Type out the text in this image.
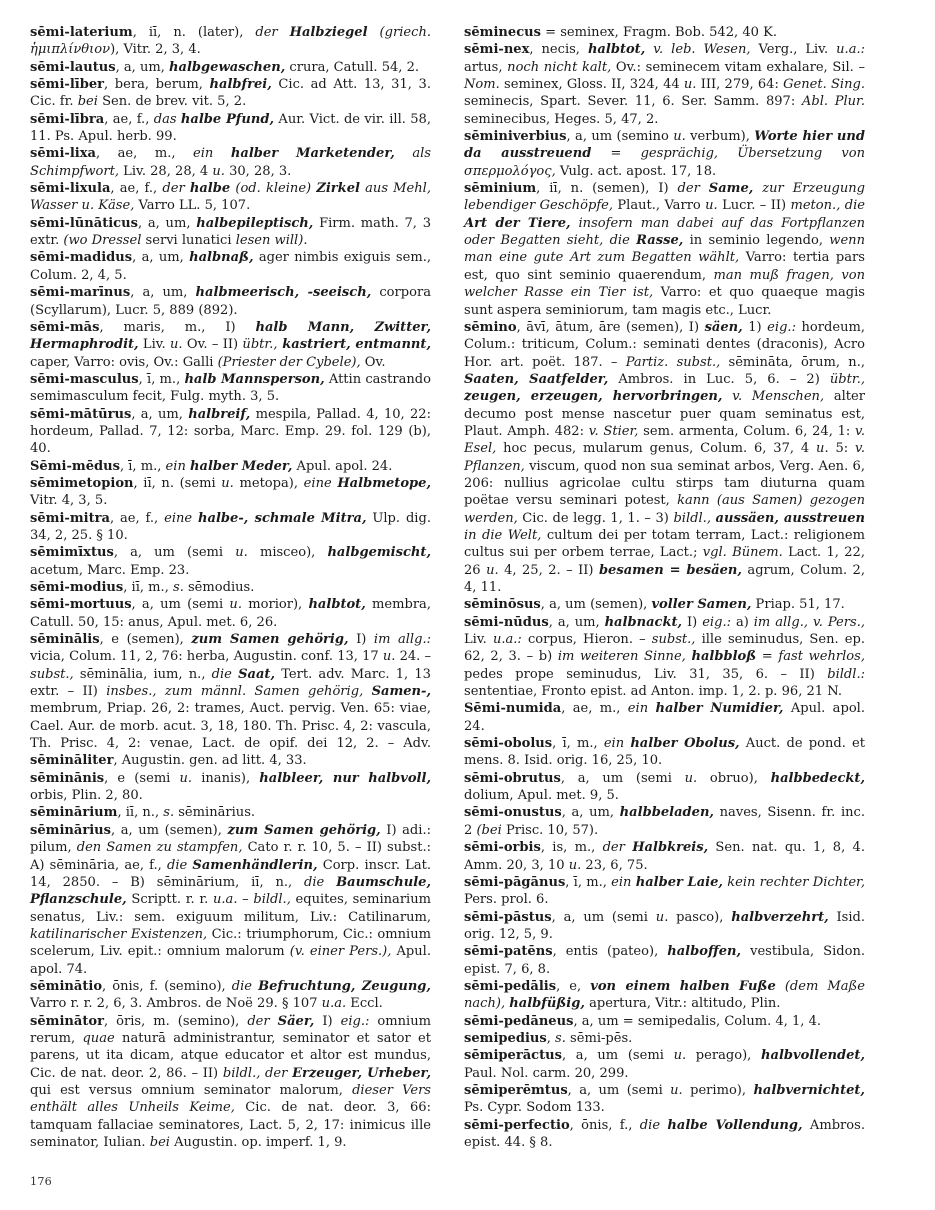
sēmi-laterium, iī, n. (later), der Halbziegel (griech. ἡμιπλίνθιον), Vitr. 2, 3, 4.

sēmi-lautus, a, um, halbgewaschen, crura, Catull. 54, 2.

sēmi-līber, bera, berum, halbfrei, Cic. ad Att. 13, 31, 3. Cic. fr. bei Sen. de brev. vit. 5, 2.

sēmi-lībra, ae, f., das halbe Pfund, Aur. Vict. de vir. ill. 58, 11. Ps. Apul. herb. 99.

sēmi-lixa, ae, m., ein halber Marketender, als Schimpfwort, Liv. 28, 28, 4 u. 30, 28, 3.

sēmi-lixula, ae, f., der halbe (od. kleine) Zirkel aus Mehl, Wasser u. Käse, Varro LL. 5, 107.

sēmi-lūnāticus, a, um, halbepileptisch, Firm. math. 7, 3 extr. (wo Dressel servi lunatici lesen will).

sēmi-madidus, a, um, halbnaß, ager nimbis exiguis sem., Colum. 2, 4, 5.

sēmi-marīnus, a, um, halbmeerisch, -seeisch, corpora (Scyllarum), Lucr. 5, 889 (892).

sēmi-mās, maris, m., I) halb Mann, Zwitter, Hermaphrodit, Liv. u. Ov. – II) übtr., kastriert, entmannt, caper, Varro: ovis, Ov.: Galli (Priester der Cybele), Ov.

sēmi-masculus, ī, m., halb Mannsperson, Attin castrando semimasculum fecit, Fulg. myth. 3, 5.

sēmi-mātūrus, a, um, halbreif, mespila, Pallad. 4, 10, 22: hordeum, Pallad. 7, 12: sorba, Marc. Emp. 29. fol. 129 (b), 40.

Sēmi-mēdus, ī, m., ein halber Meder, Apul. apol. 24.

sēmimetopion, iī, n. (semi u. metopa), eine Halbmetope, Vitr. 4, 3, 5.

sēmi-mitra, ae, f., eine halbe-, schmale Mitra, Ulp. dig. 34, 2, 25. § 10.

sēmimīxtus, a, um (semi u. misceo), halbgemischt, acetum, Marc. Emp. 23.

sēmi-modius, iī, m., s. sēmodius.

sēmi-mortuus, a, um (semi u. morior), halbtot, membra, Catull. 50, 15: anus, Apul. met. 6, 26.

sēminālis, e (semen), zum Samen gehörig, I) im allg.: vicia, Colum. 11, 2, 76: herba, Augustin. conf. 13, 17 u. 24. – subst., sēminālia, ium, n., die Saat, Tert. adv. Marc. 1, 13 extr. – II) insbes., zum männl. Samen gehörig, Samen-, membrum, Priap. 26, 2: trames, Auct. pervig. Ven. 65: viae, Cael. Aur. de morb. acut. 3, 18, 180. Th. Prisc. 4, 2: vascula, Th. Prisc. 4, 2: venae, Lact. de opif. dei 12, 2. – Adv. sēmināliter, Augustin. gen. ad litt. 4, 33.

sēminānis, e (semi u. inanis), halbleer, nur halbvoll, orbis, Plin. 2, 80.

sēminārium, iī, n., s. sēminārius.

sēminārius, a, um (semen), zum Samen gehörig, I) adi.: pilum, den Samen zu stampfen, Cato r. r. 10, 5. – II) subst.: A) sēmināria, ae, f., die Samenhändlerin, Corp. inscr. Lat. 14, 2850. – B) sēminārium, iī, n., die Baumschule, Pflanzschule, Scriptt. r. r. u.a. – bildl., equites, seminarium senatus, Liv.: sem. exiguum militum, Liv.: Catilinarum, katilinarischer Existenzen, Cic.: triumphorum, Cic.: omnium scelerum, Liv. epit.: omnium malorum (v. einer Pers.), Apul. apol. 74.

sēminātio, ōnis, f. (semino), die Befruchtung, Zeugung, Varro r. r. 2, 6, 3. Ambros. de Noë 29. § 107 u.a. Eccl.

sēminātor, ōris, m. (semino), der Säer, I) eig.: omnium rerum, quae naturā administrantur, seminator et sator et parens, ut ita dicam, atque educator et altor est mundus, Cic. de nat. deor. 2, 86. – II) bildl., der Erzeuger, Urheber, qui est versus omnium seminator malorum, dieser Vers enthält alles Unheils Keime, Cic. de nat. deor. 3, 66: tamquam fallaciae seminatores, Lact. 5, 2, 17: inimicus ille seminator, Iulian. bei Augustin. op. imperf. 1, 9.

sēminecus = seminex, Fragm. Bob. 542, 40 K.

sēmi-nex, necis, halbtot, v. leb. Wesen, Verg., Liv. u.a.: artus, noch nicht kalt, Ov.: seminecem vitam exhalare, Sil. – Nom. seminex, Gloss. II, 324, 44 u. III, 279, 64: Genet. Sing. seminecis, Spart. Sever. 11, 6. Ser. Samm. 897: Abl. Plur. seminecibus, Heges. 5, 47, 2.

sēminiverbius, a, um (semino u. verbum), Worte hier und da ausstreuend = gesprächig, Übersetzung von σπερμολόγος, Vulg. act. apost. 17, 18.

sēminium, iī, n. (semen), I) der Same, zur Erzeugung lebendiger Geschöpfe, Plaut., Varro u. Lucr. – II) meton., die Art der Tiere, insofern man dabei auf das Fortpflanzen oder Begatten sieht, die Rasse, in seminio legendo, wenn man eine gute Art zum Begatten wählt, Varro: tertia pars est, quo sint seminio quaerendum, man muß fragen, von welcher Rasse ein Tier ist, Varro: et quo quaeque magis sunt aspera seminiorum, tam magis etc., Lucr.

sēmino, āvī, ātum, āre (semen), I) säen, 1) eig.: hordeum, Colum.: triticum, Colum.: seminati dentes (draconis), Acro Hor. art. poët. 187. – Partiz. subst., sēmināta, ōrum, n., Saaten, Saatfelder, Ambros. in Luc. 5, 6. – 2) übtr., zeugen, erzeugen, hervorbringen, v. Menschen, alter decumo post mense nascetur puer quam seminatus est, Plaut. Amph. 482: v. Stier, sem. armenta, Colum. 6, 24, 1: v. Esel, hoc pecus, mularum genus, Colum. 6, 37, 4 u. 5: v. Pflanzen, viscum, quod non sua seminat arbos, Verg. Aen. 6, 206: nullius agricolae cultu stirps tam diuturna quam poëtae versu seminari potest, kann (aus Samen) gezogen werden, Cic. de legg. 1, 1. – 3) bildl., aussäen, ausstreuen in die Welt, cultum dei per totam terram, Lact.: religionem cultus sui per orbem terrae, Lact.; vgl. Bünem. Lact. 1, 22, 26 u. 4, 25, 2. – II) besamen = besäen, agrum, Colum. 2, 4, 11.

sēminōsus, a, um (semen), voller Samen, Priap. 51, 17.

sēmi-nūdus, a, um, halbnackt, I) eig.: a) im allg., v. Pers., Liv. u.a.: corpus, Hieron. – subst., ille seminudus, Sen. ep. 62, 2, 3. – b) im weiteren Sinne, halbbloß = fast wehrlos, pedes prope seminudus, Liv. 31, 35, 6. – II) bildl.: sententiae, Fronto epist. ad Anton. imp. 1, 2. p. 96, 21 N.

Sēmi-numida, ae, m., ein halber Numidier, Apul. apol. 24.

sēmi-obolus, ī, m., ein halber Obolus, Auct. de pond. et mens. 8. Isid. orig. 16, 25, 10.

sēmi-obrutus, a, um (semi u. obruo), halbbedeckt, dolium, Apul. met. 9, 5.

sēmi-onustus, a, um, halbbeladen, naves, Sisenn. fr. inc. 2 (bei Prisc. 10, 57).

sēmi-orbis, is, m., der Halbkreis, Sen. nat. qu. 1, 8, 4. Amm. 20, 3, 10 u. 23, 6, 75.

sēmi-pāgānus, ī, m., ein halber Laie, kein rechter Dichter, Pers. prol. 6.

sēmi-pāstus, a, um (semi u. pasco), halbverzehrt, Isid. orig. 12, 5, 9.

sēmi-patēns, entis (pateo), halboffen, vestibula, Sidon. epist. 7, 6, 8.

sēmi-pedālis, e, von einem halben Fuße (dem Maße nach), halbfüßig, apertura, Vitr.: altitudo, Plin.

sēmi-pedāneus, a, um = semipedalis, Colum. 4, 1, 4.

semipedius, s. sēmi-pēs.

sēmiperāctus, a, um (semi u. perago), halbvollendet, Paul. Nol. carm. 20, 299.

sēmiperēmtus, a, um (semi u. perimo), halbvernichtet, Ps. Cypr. Sodom 133.

sēmi-perfectio, ōnis, f., die halbe Vollendung, Ambros. epist. 44. § 8.

176
